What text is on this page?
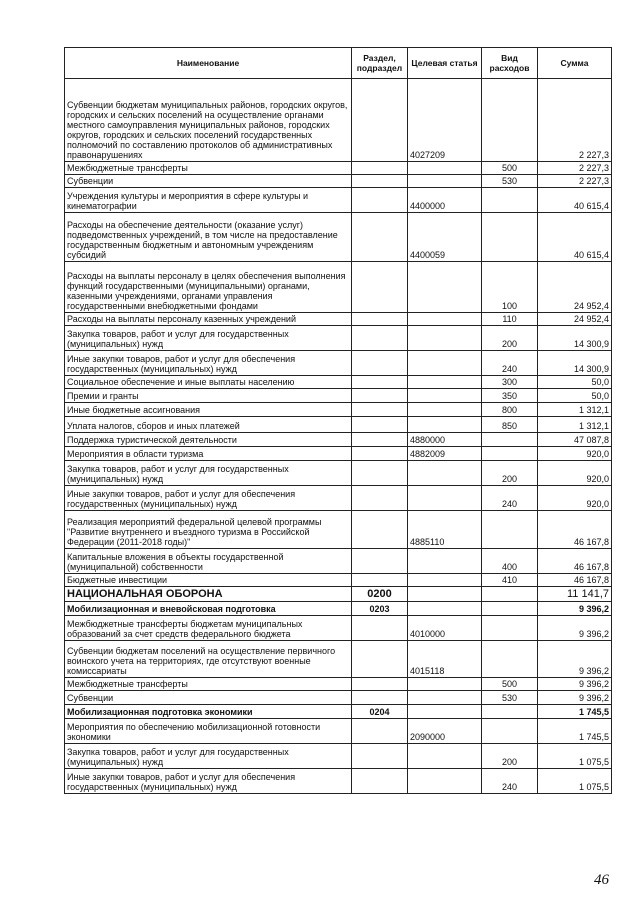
Наименование	Раздел, подраздел	Целевая статья	Вид расходов	Сумма
Субвенции бюджетам муниципальных районов, городских округов, городских и сельских поселений на осуществление органами местного самоуправления муниципальных районов, городских округов, городских и сельских поселений государственных полномочий по составлению протоколов об административных правонарушениях		4027209		2 227,3
Межбюджетные трансферты			500	2 227,3
Субвенции			530	2 227,3
Учреждения культуры и мероприятия в сфере культуры и кинематографии		4400000		40 615,4
Расходы на обеспечение деятельности (оказание услуг) подведомственных учреждений, в том числе на предоставление государственным бюджетным и автономным учреждениям субсидий		4400059		40 615,4
Расходы на выплаты персоналу в целях обеспечения выполнения функций государственными (муниципальными) органами, казенными учреждениями, органами управления государственными внебюджетными фондами			100	24 952,4
Расходы на выплаты персоналу казенных учреждений			110	24 952,4
Закупка товаров, работ и услуг для государственных (муниципальных) нужд			200	14 300,9
Иные закупки товаров, работ и услуг для обеспечения государственных (муниципальных) нужд			240	14 300,9
Социальное обеспечение и иные выплаты населению			300	50,0
Премии и гранты			350	50,0
Иные бюджетные ассигнования			800	1 312,1
Уплата налогов, сборов и иных платежей			850	1 312,1
Поддержка туристической деятельности		4880000		47 087,8
Мероприятия в области туризма		4882009		920,0
Закупка товаров, работ и услуг для государственных (муниципальных) нужд			200	920,0
Иные закупки товаров, работ и услуг для обеспечения государственных (муниципальных) нужд			240	920,0
Реализация мероприятий федеральной целевой программы "Развитие внутреннего и въездного туризма в Российской Федерации (2011-2018 годы)"		4885110		46 167,8
Капитальные вложения в объекты государственной (муниципальной) собственности			400	46 167,8
Бюджетные инвестиции			410	46 167,8
НАЦИОНАЛЬНАЯ ОБОРОНА	0200			11 141,7
Мобилизационная и вневойсковая подготовка	0203			9 396,2
Межбюджетные трансферты бюджетам муниципальных образований за счет средств федерального бюджета		4010000		9 396,2
Субвенции бюджетам поселений на осуществление первичного воинского учета на территориях, где отсутствуют военные комиссариаты		4015118		9 396,2
Межбюджетные трансферты			500	9 396,2
Субвенции			530	9 396,2
Мобилизационная подготовка экономики	0204			1 745,5
Мероприятия по обеспечению мобилизационной готовности экономики		2090000		1 745,5
Закупка товаров, работ и услуг для государственных (муниципальных) нужд			200	1 075,5
Иные закупки товаров, работ и услуг для обеспечения государственных (муниципальных) нужд			240	1 075,5
46
